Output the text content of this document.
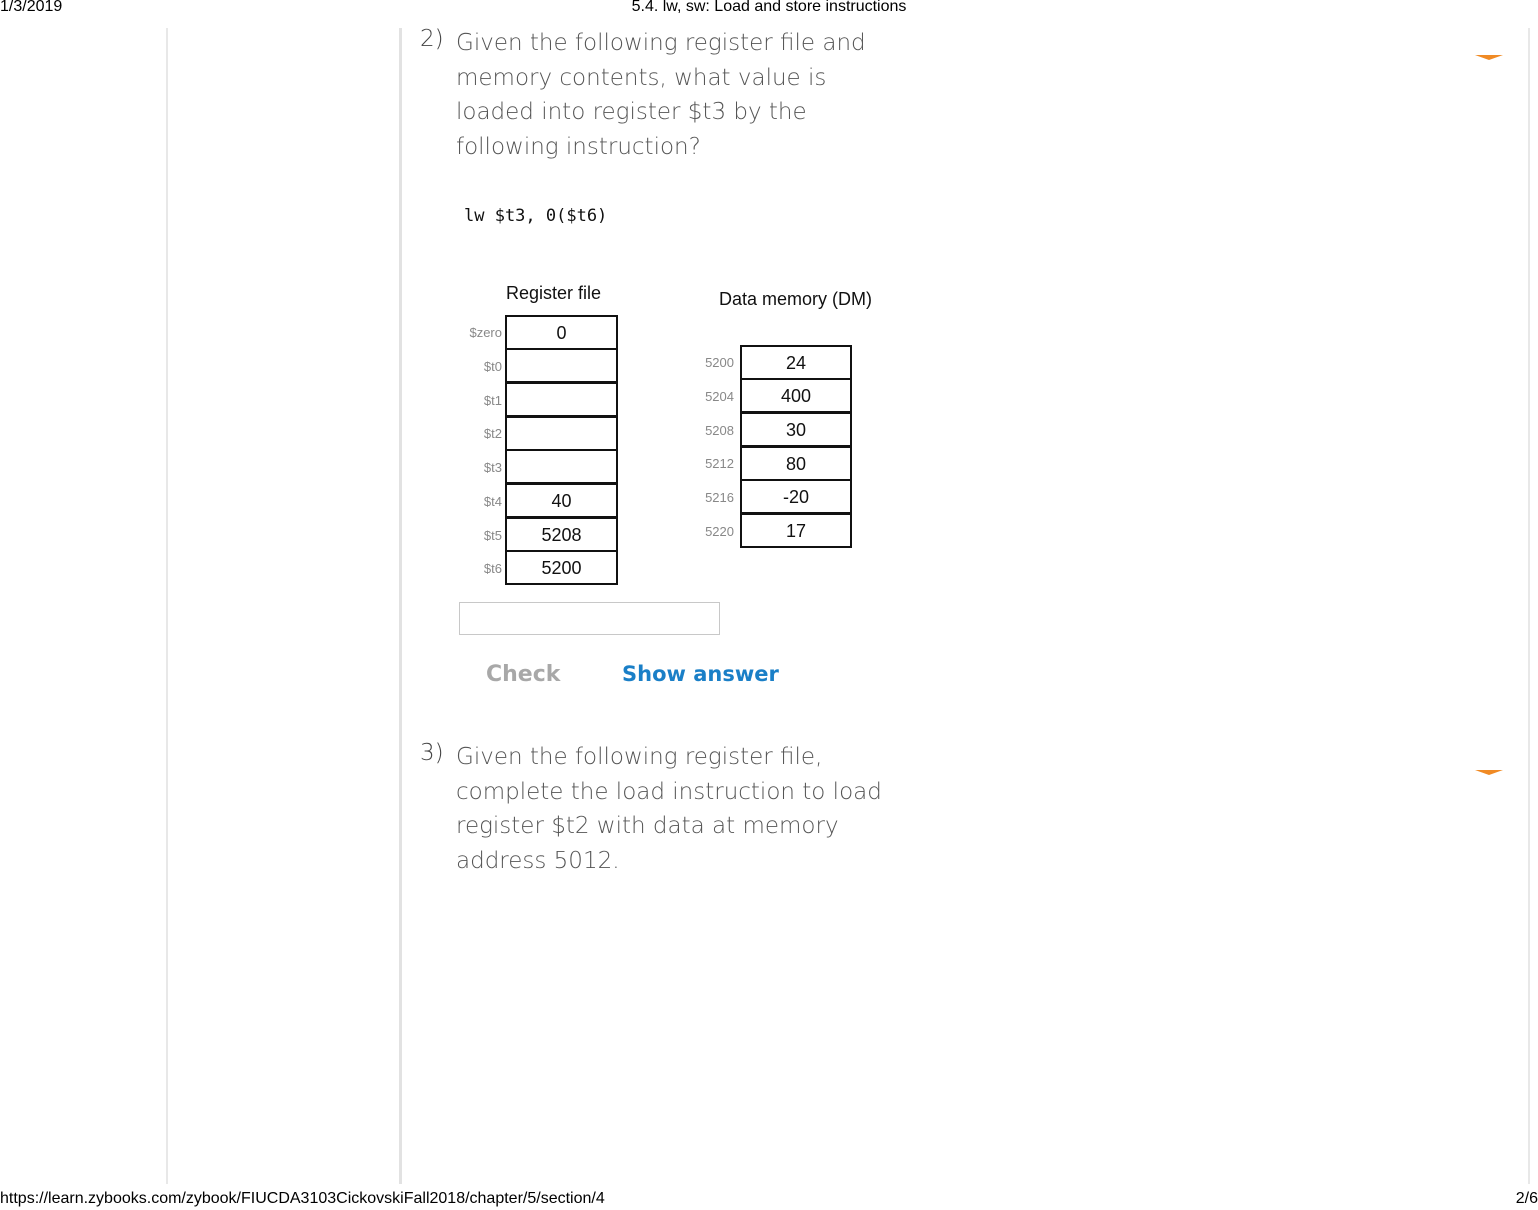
1/3/2019	5.4. lw, sw: Load and store instructions
2) Given the following register file and memory contents, what value is loaded into register $t3 by the following instruction?
lw $t3, 0($t6)
Register file	Data memory (DM)
$zero	0
$t0
$t1
$t2
$t3
$t4	40
$t5	5208
$t6	5200
5200	24
5204	400
5208	30
5212	80
5216	-20
5220	17
Check	Show answer
3) Given the following register file, complete the load instruction to load register $t2 with data at memory address 5012.
https://learn.zybooks.com/zybook/FIUCDA3103CickovskiFall2018/chapter/5/section/4	2/6
